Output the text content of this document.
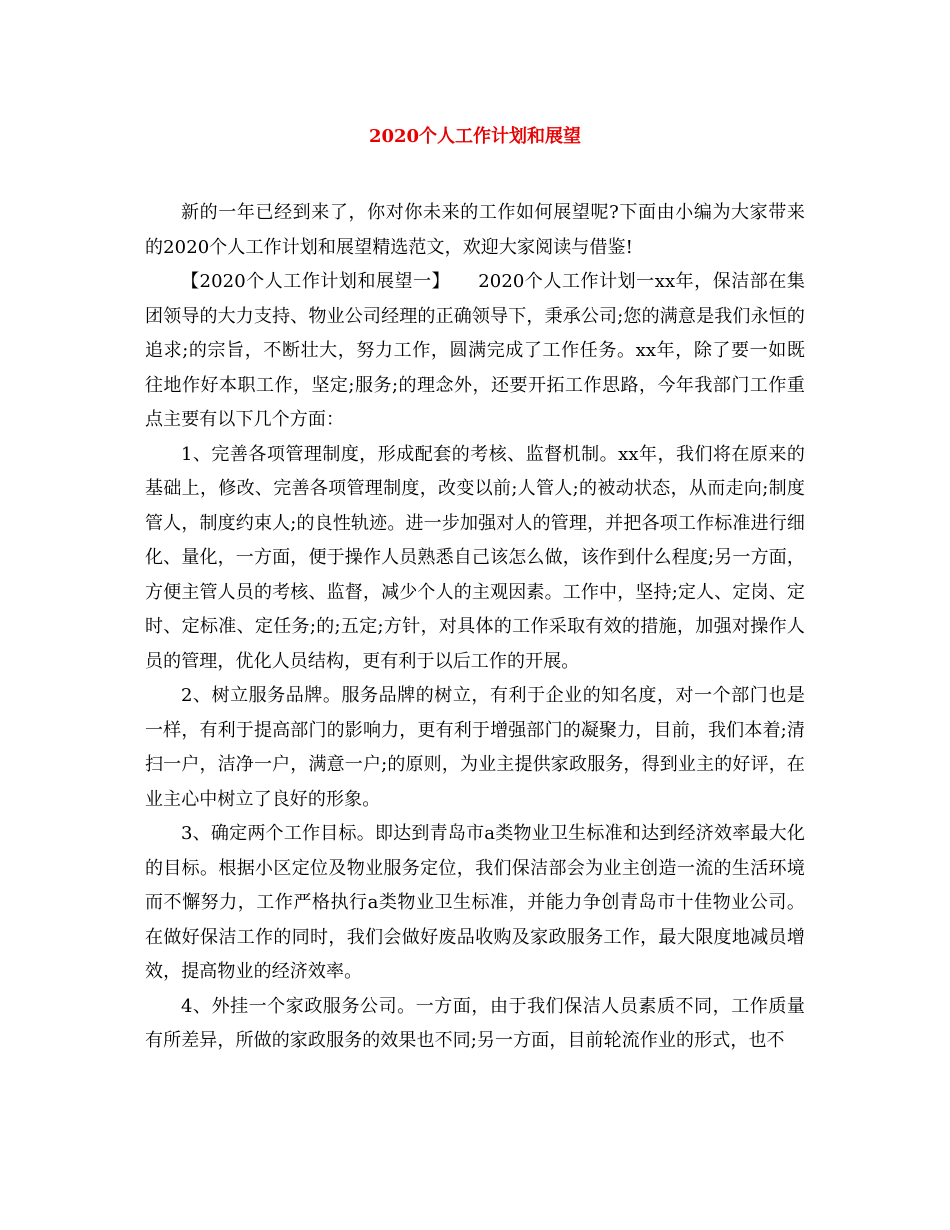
2020个人工作计划和展望

新的一年已经到来了，你对你未来的工作如何展望呢?下面由小编为大家带来的2020个人工作计划和展望精选范文，欢迎大家阅读与借鉴!

【2020个人工作计划和展望一】　　2020个人工作计划一xx年，保洁部在集团领导的大力支持、物业公司经理的正确领导下，秉承公司;您的满意是我们永恒的追求;的宗旨，不断壮大，努力工作，圆满完成了工作任务。xx年，除了要一如既往地作好本职工作，坚定;服务;的理念外，还要开拓工作思路，今年我部门工作重点主要有以下几个方面：

1、完善各项管理制度，形成配套的考核、监督机制。xx年，我们将在原来的基础上，修改、完善各项管理制度，改变以前;人管人;的被动状态，从而走向;制度管人，制度约束人;的良性轨迹。进一步加强对人的管理，并把各项工作标准进行细化、量化，一方面，便于操作人员熟悉自己该怎么做，该作到什么程度;另一方面，方便主管人员的考核、监督，减少个人的主观因素。工作中，坚持;定人、定岗、定时、定标准、定任务;的;五定;方针，对具体的工作采取有效的措施，加强对操作人员的管理，优化人员结构，更有利于以后工作的开展。

2、树立服务品牌。服务品牌的树立，有利于企业的知名度，对一个部门也是一样，有利于提高部门的影响力，更有利于增强部门的凝聚力，目前，我们本着;清扫一户，洁净一户，满意一户;的原则，为业主提供家政服务，得到业主的好评，在业主心中树立了良好的形象。

3、确定两个工作目标。即达到青岛市a类物业卫生标准和达到经济效率最大化的目标。根据小区定位及物业服务定位，我们保洁部会为业主创造一流的生活环境而不懈努力，工作严格执行a类物业卫生标准，并能力争创青岛市十佳物业公司。在做好保洁工作的同时，我们会做好废品收购及家政服务工作，最大限度地减员增效，提高物业的经济效率。

4、外挂一个家政服务公司。一方面，由于我们保洁人员素质不同，工作质量有所差异，所做的家政服务的效果也不同;另一方面，目前轮流作业的形式，也不
